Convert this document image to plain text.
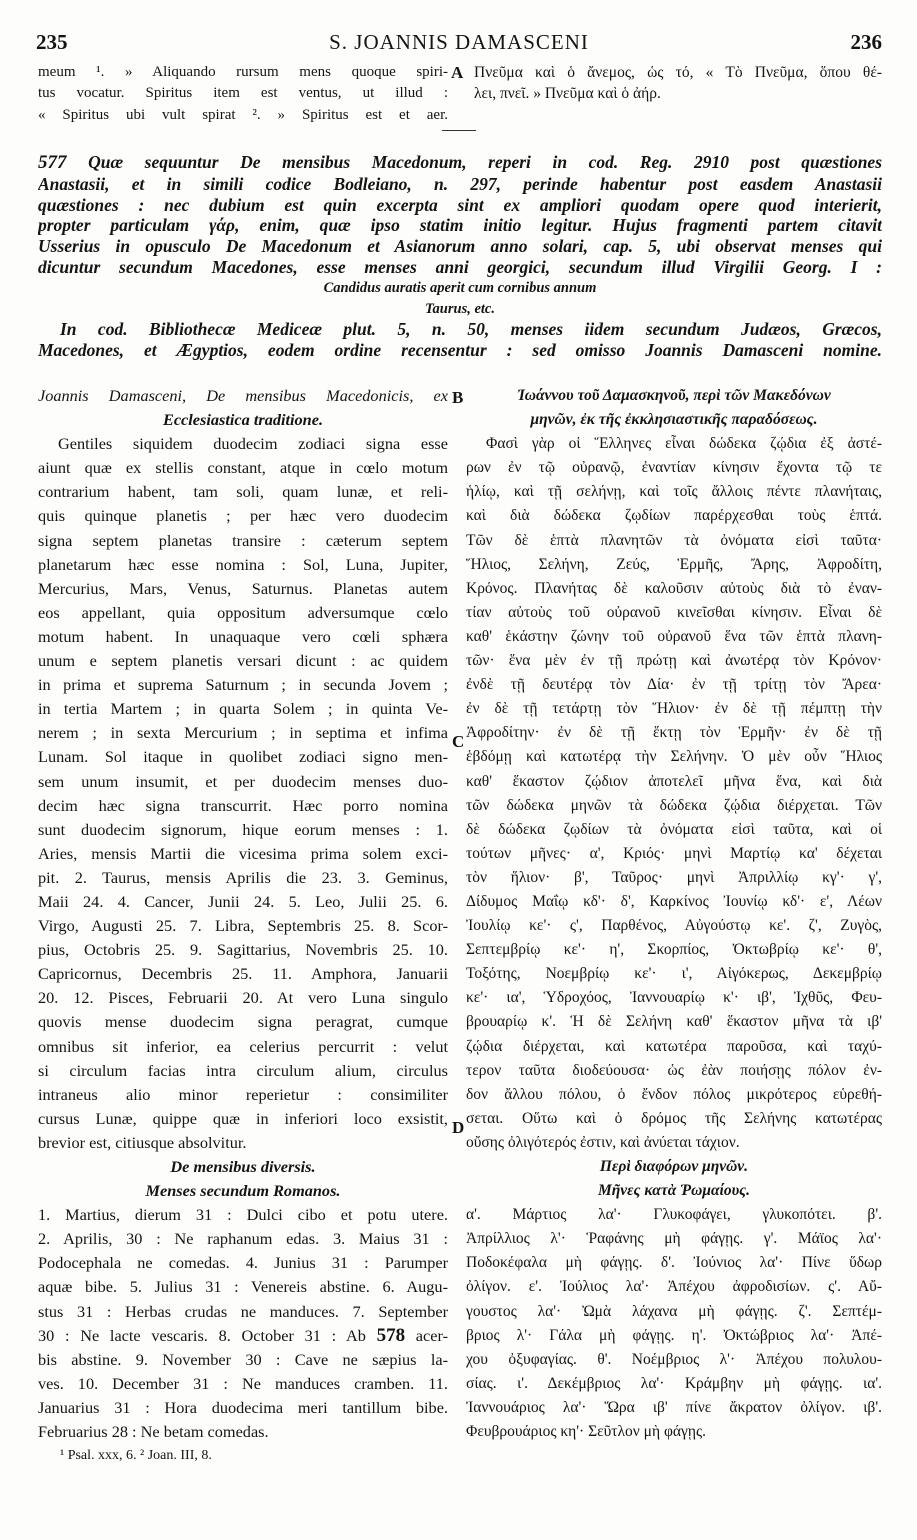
235	S. JOANNIS DAMASCENI	236
meum ¹. » Aliquando rursum mens quoque spiri-
tus vocatur. Spiritus item est ventus, ut illud :
« Spiritus ubi vult spirat ². » Spiritus est et aer.
Πνεῦμα καὶ ὁ ἄνεμος, ὡς τό, « Τὸ Πνεῦμα, ὅπου θέ-
λει, πνεῖ. » Πνεῦμα καὶ ὁ ἀήρ.
A
577 Quæ sequuntur De mensibus Macedonum, reperi in cod. Reg. 2910 post quæstiones
Anastasii, et in simili codice Bodleiano, n. 297, perinde habentur post easdem Anastasii
quæstiones : nec dubium est quin excerpta sint ex ampliori quodam opere quod interierit,
propter particulam γάρ, enim, quæ ipso statim initio legitur. Hujus fragmenti partem citavit
Usserius in opusculo De Macedonum et Asianorum anno solari, cap. 5, ubi observat menses qui
dicuntur secundum Macedones, esse menses anni georgici, secundum illud Virgilii Georg. I :
Candidus auratis aperit cum cornibus annum
Taurus, etc.
In cod. Bibliothecæ Mediceæ plut. 5, n. 50, menses iidem secundum Judæos, Græcos,
Macedones, et Ægyptios, eodem ordine recensentur : sed omisso Joannis Damasceni nomine.
Joannis Damasceni, De mensibus Macedonicis, ex
Ecclesiastica traditione.
Gentiles siquidem duodecim zodiaci signa esse
aiunt quæ ex stellis constant, atque in cœlo motum
contrarium habent, tam soli, quam lunæ, et reli-
quis quinque planetis ; per hæc vero duodecim
signa septem planetas transire : cæterum septem
planetarum hæc esse nomina : Sol, Luna, Jupiter,
Mercurius, Mars, Venus, Saturnus. Planetas autem
eos appellant, quia oppositum adversumque cœlo
motum habent. In unaquaque vero cœli sphæra
unum e septem planetis versari dicunt : ac quidem
in prima et suprema Saturnum ; in secunda Jovem ;
in tertia Martem ; in quarta Solem ; in quinta Ve-
nerem ; in sexta Mercurium ; in septima et infima
Lunam. Sol itaque in quolibet zodiaci signo men-
sem unum insumit, et per duodecim menses duo-
decim hæc signa transcurrit. Hæc porro nomina
sunt duodecim signorum, hique eorum menses : 1.
Aries, mensis Martii die vicesima prima solem exci-
pit. 2. Taurus, mensis Aprilis die 23. 3. Geminus,
Maii 24. 4. Cancer, Junii 24. 5. Leo, Julii 25. 6.
Virgo, Augusti 25. 7. Libra, Septembris 25. 8. Scor-
pius, Octobris 25. 9. Sagittarius, Novembris 25. 10.
Capricornus, Decembris 25. 11. Amphora, Januarii
20. 12. Pisces, Februarii 20. At vero Luna singulo
quovis mense duodecim signa peragrat, cumque
omnibus sit inferior, ea celerius percurrit : velut
si circulum facias intra circulum alium, circulus
intraneus alio minor reperietur : consimiliter
cursus Lunæ, quippe quæ in inferiori loco exsistit,
brevior est, citiusque absolvitur.
De mensibus diversis.
Menses secundum Romanos.
1. Martius, dierum 31 : Dulci cibo et potu utere.
2. Aprilis, 30 : Ne raphanum edas. 3. Maius 31 :
Podocephala ne comedas. 4. Junius 31 : Parumper
aquæ bibe. 5. Julius 31 : Venereis abstine. 6. Augu-
stus 31 : Herbas crudas ne manduces. 7. September
30 : Ne lacte vescaris. 8. October 31 : Ab 578 acer-
bis abstine. 9. November 30 : Cave ne sæpius la-
ves. 10. December 31 : Ne manduces cramben. 11.
Januarius 31 : Hora duodecima meri tantillum bibe.
Februarius 28 : Ne betam comedas.
¹ Psal. xxx, 6. ² Joan. III, 8.
B
C
D
Ἰωάννου τοῦ Δαμασκηνοῦ, περὶ τῶν Μακεδόνων
μηνῶν, ἐκ τῆς ἐκκλησιαστικῆς παραδόσεως.
Φασὶ γὰρ οἱ Ἕλληνες εἶναι δώδεκα ζῴδια ἐξ ἀστέ-
ρων ἐν τῷ οὐρανῷ, ἐναντίαν κίνησιν ἔχοντα τῷ τε
ἡλίῳ, καὶ τῇ σελήνῃ, καὶ τοῖς ἄλλοις πέντε πλανήταις,
καὶ διὰ δώδεκα ζῳδίων παρέρχεσθαι τοὺς ἑπτά.
Τῶν δὲ ἑπτὰ πλανητῶν τὰ ὀνόματα εἰσὶ ταῦτα·
Ἥλιος, Σελήνη, Ζεύς, Ἑρμῆς, Ἄρης, Ἀφροδίτη,
Κρόνος. Πλανήτας δὲ καλοῦσιν αὐτοὺς διὰ τὸ ἐναν-
τίαν αὐτοὺς τοῦ οὐρανοῦ κινεῖσθαι κίνησιν. Εἶναι δὲ
καθ' ἑκάστην ζώνην τοῦ οὐρανοῦ ἕνα τῶν ἑπτὰ πλανη-
τῶν· ἕνα μὲν ἐν τῇ πρώτῃ καὶ ἀνωτέρᾳ τὸν Κρόνον·
ἐνδὲ τῇ δευτέρᾳ τὸν Δία· ἐν τῇ τρίτῃ τὸν Ἄρεα·
ἐν δὲ τῇ τετάρτῃ τὸν Ἥλιον· ἐν δὲ τῇ πέμπτῃ τὴν
Ἀφροδίτην· ἐν δὲ τῇ ἕκτῃ τὸν Ἑρμῆν· ἐν δὲ τῇ
ἑβδόμῃ καὶ κατωτέρᾳ τὴν Σελήνην. Ὁ μὲν οὖν Ἥλιος
καθ' ἕκαστον ζῴδιον ἀποτελεῖ μῆνα ἕνα, καὶ διὰ
τῶν δώδεκα μηνῶν τὰ δώδεκα ζῴδια διέρχεται. Τῶν
δὲ δώδεκα ζῳδίων τὰ ὀνόματα εἰσὶ ταῦτα, καὶ οἱ
τούτων μῆνες· α', Κριός· μηνὶ Μαρτίῳ κα' δέχεται
τὸν ἥλιον· β', Ταῦρος· μηνὶ Ἀπριλλίῳ κγ'· γ',
Δίδυμος Μαΐῳ κδ'· δ', Καρκίνος Ἰουνίῳ κδ'· ε', Λέων
Ἰουλίῳ κε'· ς', Παρθένος, Αὐγούστῳ κε'. ζ', Ζυγὸς,
Σεπτεμβρίῳ κε'· η', Σκορπίος, Ὀκτωβρίῳ κε'· θ',
Τοξότης, Νοεμβρίῳ κε'· ι', Αἰγόκερως, Δεκεμβρίῳ
κε'· ια', Ὑδροχόος, Ἰαννουαρίῳ κ'· ιβ', Ἰχθῦς, Φευ-
βρουαρίῳ κ'. Ἡ δὲ Σελήνη καθ' ἕκαστον μῆνα τὰ ιβ'
ζῴδια διέρχεται, καὶ κατωτέρα παροῦσα, καὶ ταχύ-
τερον ταῦτα διοδεύουσα· ὡς ἐὰν ποιήσῃς πόλον ἐν-
δον ἄλλου πόλου, ὁ ἔνδον πόλος μικρότερος εὑρεθή-
σεται. Οὕτω καὶ ὁ δρόμος τῆς Σελήνης κατωτέρας
οὔσης ὀλιγότερός ἐστιν, καὶ ἀνύεται τάχιον.
Περὶ διαφόρων μηνῶν.
Μῆνες κατὰ Ῥωμαίους.
α'. Μάρτιος λα'· Γλυκοφάγει, γλυκοπότει. β'.
Ἀπρίλλιος λ'· Ῥαφάνης μὴ φάγῃς. γ'. Μάϊος λα'·
Ποδοκέφαλα μὴ φάγῃς. δ'. Ἰούνιος λα'· Πίνε ὕδωρ
ὀλίγον. ε'. Ἰούλιος λα'· Ἀπέχου ἀφροδισίων. ς'. Αὔ-
γουστος λα'· Ὠμὰ λάχανα μὴ φάγῃς. ζ'. Σεπτέμ-
βριος λ'· Γάλα μὴ φάγῃς. η'. Ὀκτώβριος λα'· Ἀπέ-
χου ὀξυφαγίας. θ'. Νοέμβριος λ'· Ἀπέχου πολυλου-
σίας. ι'. Δεκέμβριος λα'· Κράμβην μὴ φάγῃς. ια'.
Ἰαννουάριος λα'· Ὥρα ιβ' πίνε ἄκρατον ὀλίγον. ιβ'.
Φευβρουάριος κη'· Σεῦτλον μὴ φάγῃς.
